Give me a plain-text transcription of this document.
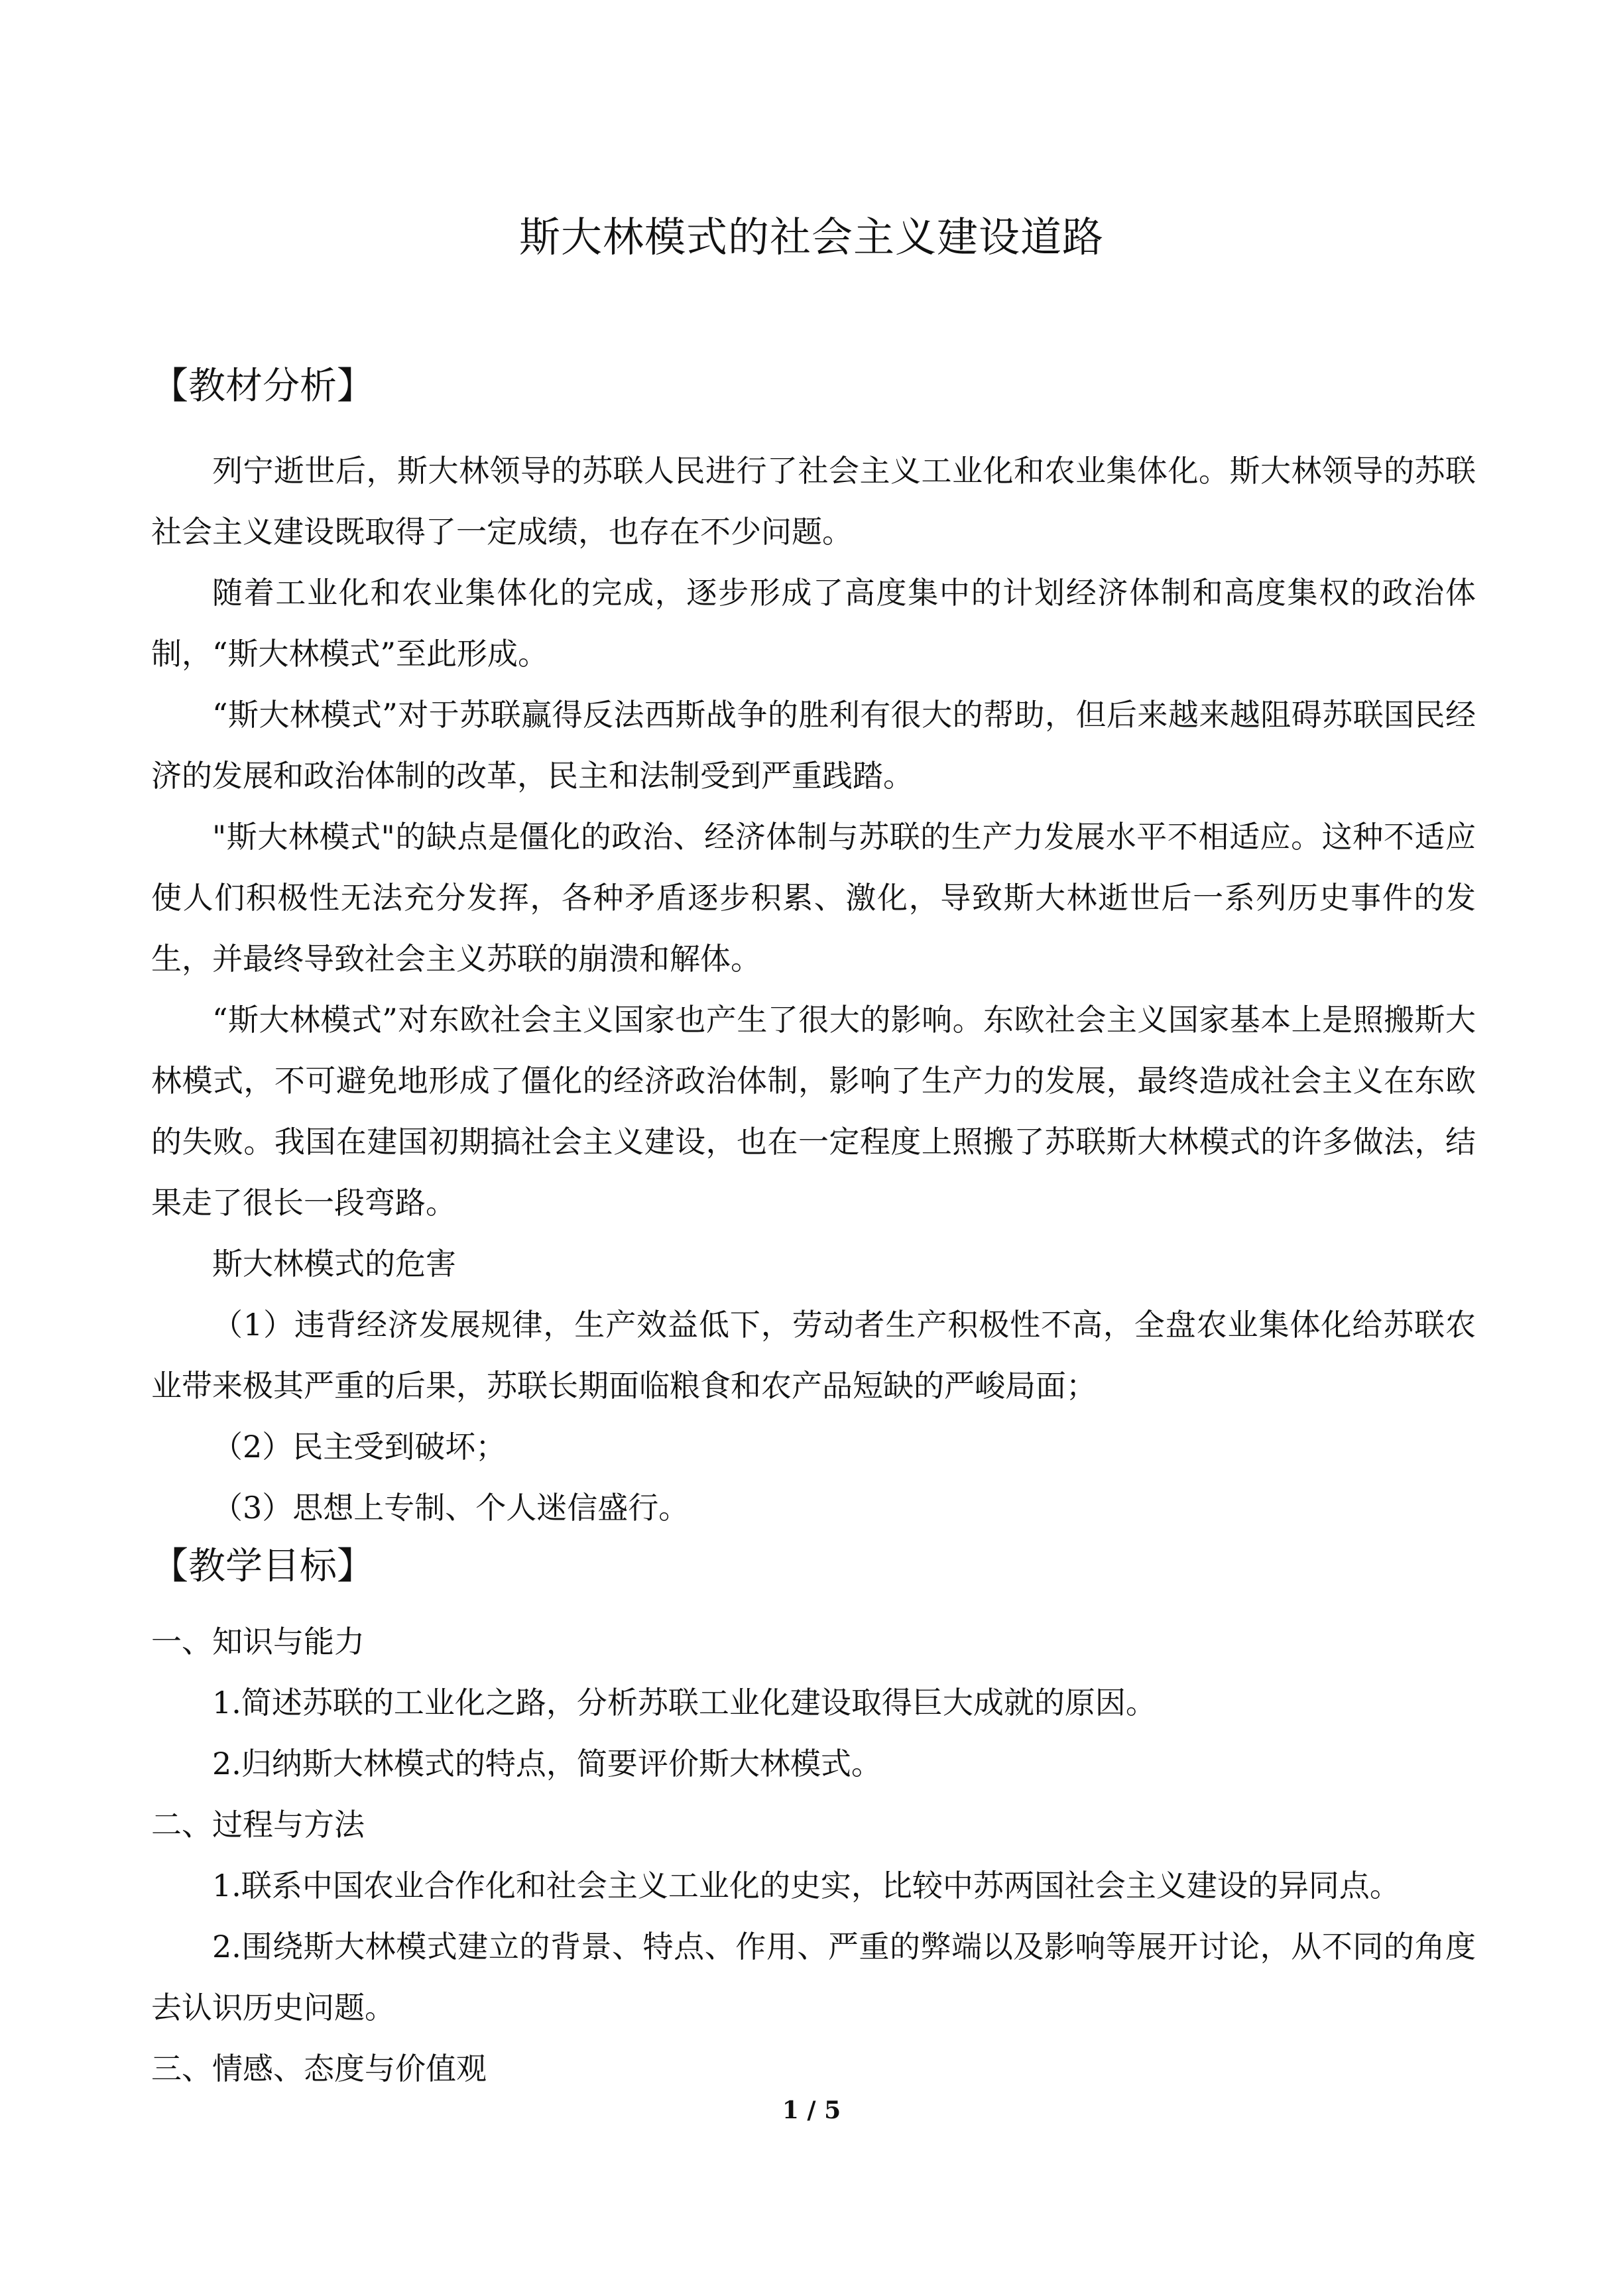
斯大林模式的社会主义建设道路
【教材分析】

列宁逝世后，斯大林领导的苏联人民进行了社会主义工业化和农业集体化。斯大林领导的苏联社会主义建设既取得了一定成绩，也存在不少问题。

随着工业化和农业集体化的完成，逐步形成了高度集中的计划经济体制和高度集权的政治体制，“斯大林模式”至此形成。

“斯大林模式”对于苏联赢得反法西斯战争的胜利有很大的帮助，但后来越来越阻碍苏联国民经济的发展和政治体制的改革，民主和法制受到严重践踏。

"斯大林模式"的缺点是僵化的政治、经济体制与苏联的生产力发展水平不相适应。这种不适应使人们积极性无法充分发挥，各种矛盾逐步积累、激化，导致斯大林逝世后一系列历史事件的发生，并最终导致社会主义苏联的崩溃和解体。

“斯大林模式”对东欧社会主义国家也产生了很大的影响。东欧社会主义国家基本上是照搬斯大林模式，不可避免地形成了僵化的经济政治体制，影响了生产力的发展，最终造成社会主义在东欧的失败。我国在建国初期搞社会主义建设，也在一定程度上照搬了苏联斯大林模式的许多做法，结果走了很长一段弯路。

斯大林模式的危害

（1）违背经济发展规律，生产效益低下，劳动者生产积极性不高，全盘农业集体化给苏联农业带来极其严重的后果，苏联长期面临粮食和农产品短缺的严峻局面；

（2）民主受到破坏；

（3）思想上专制、个人迷信盛行。

【教学目标】
一、知识与能力

1.简述苏联的工业化之路，分析苏联工业化建设取得巨大成就的原因。

2.归纳斯大林模式的特点，简要评价斯大林模式。

二、过程与方法

1.联系中国农业合作化和社会主义工业化的史实，比较中苏两国社会主义建设的异同点。

2.围绕斯大林模式建立的背景、特点、作用、严重的弊端以及影响等展开讨论，从不同的角度去认识历史问题。

三、情感、态度与价值观
1 / 5
